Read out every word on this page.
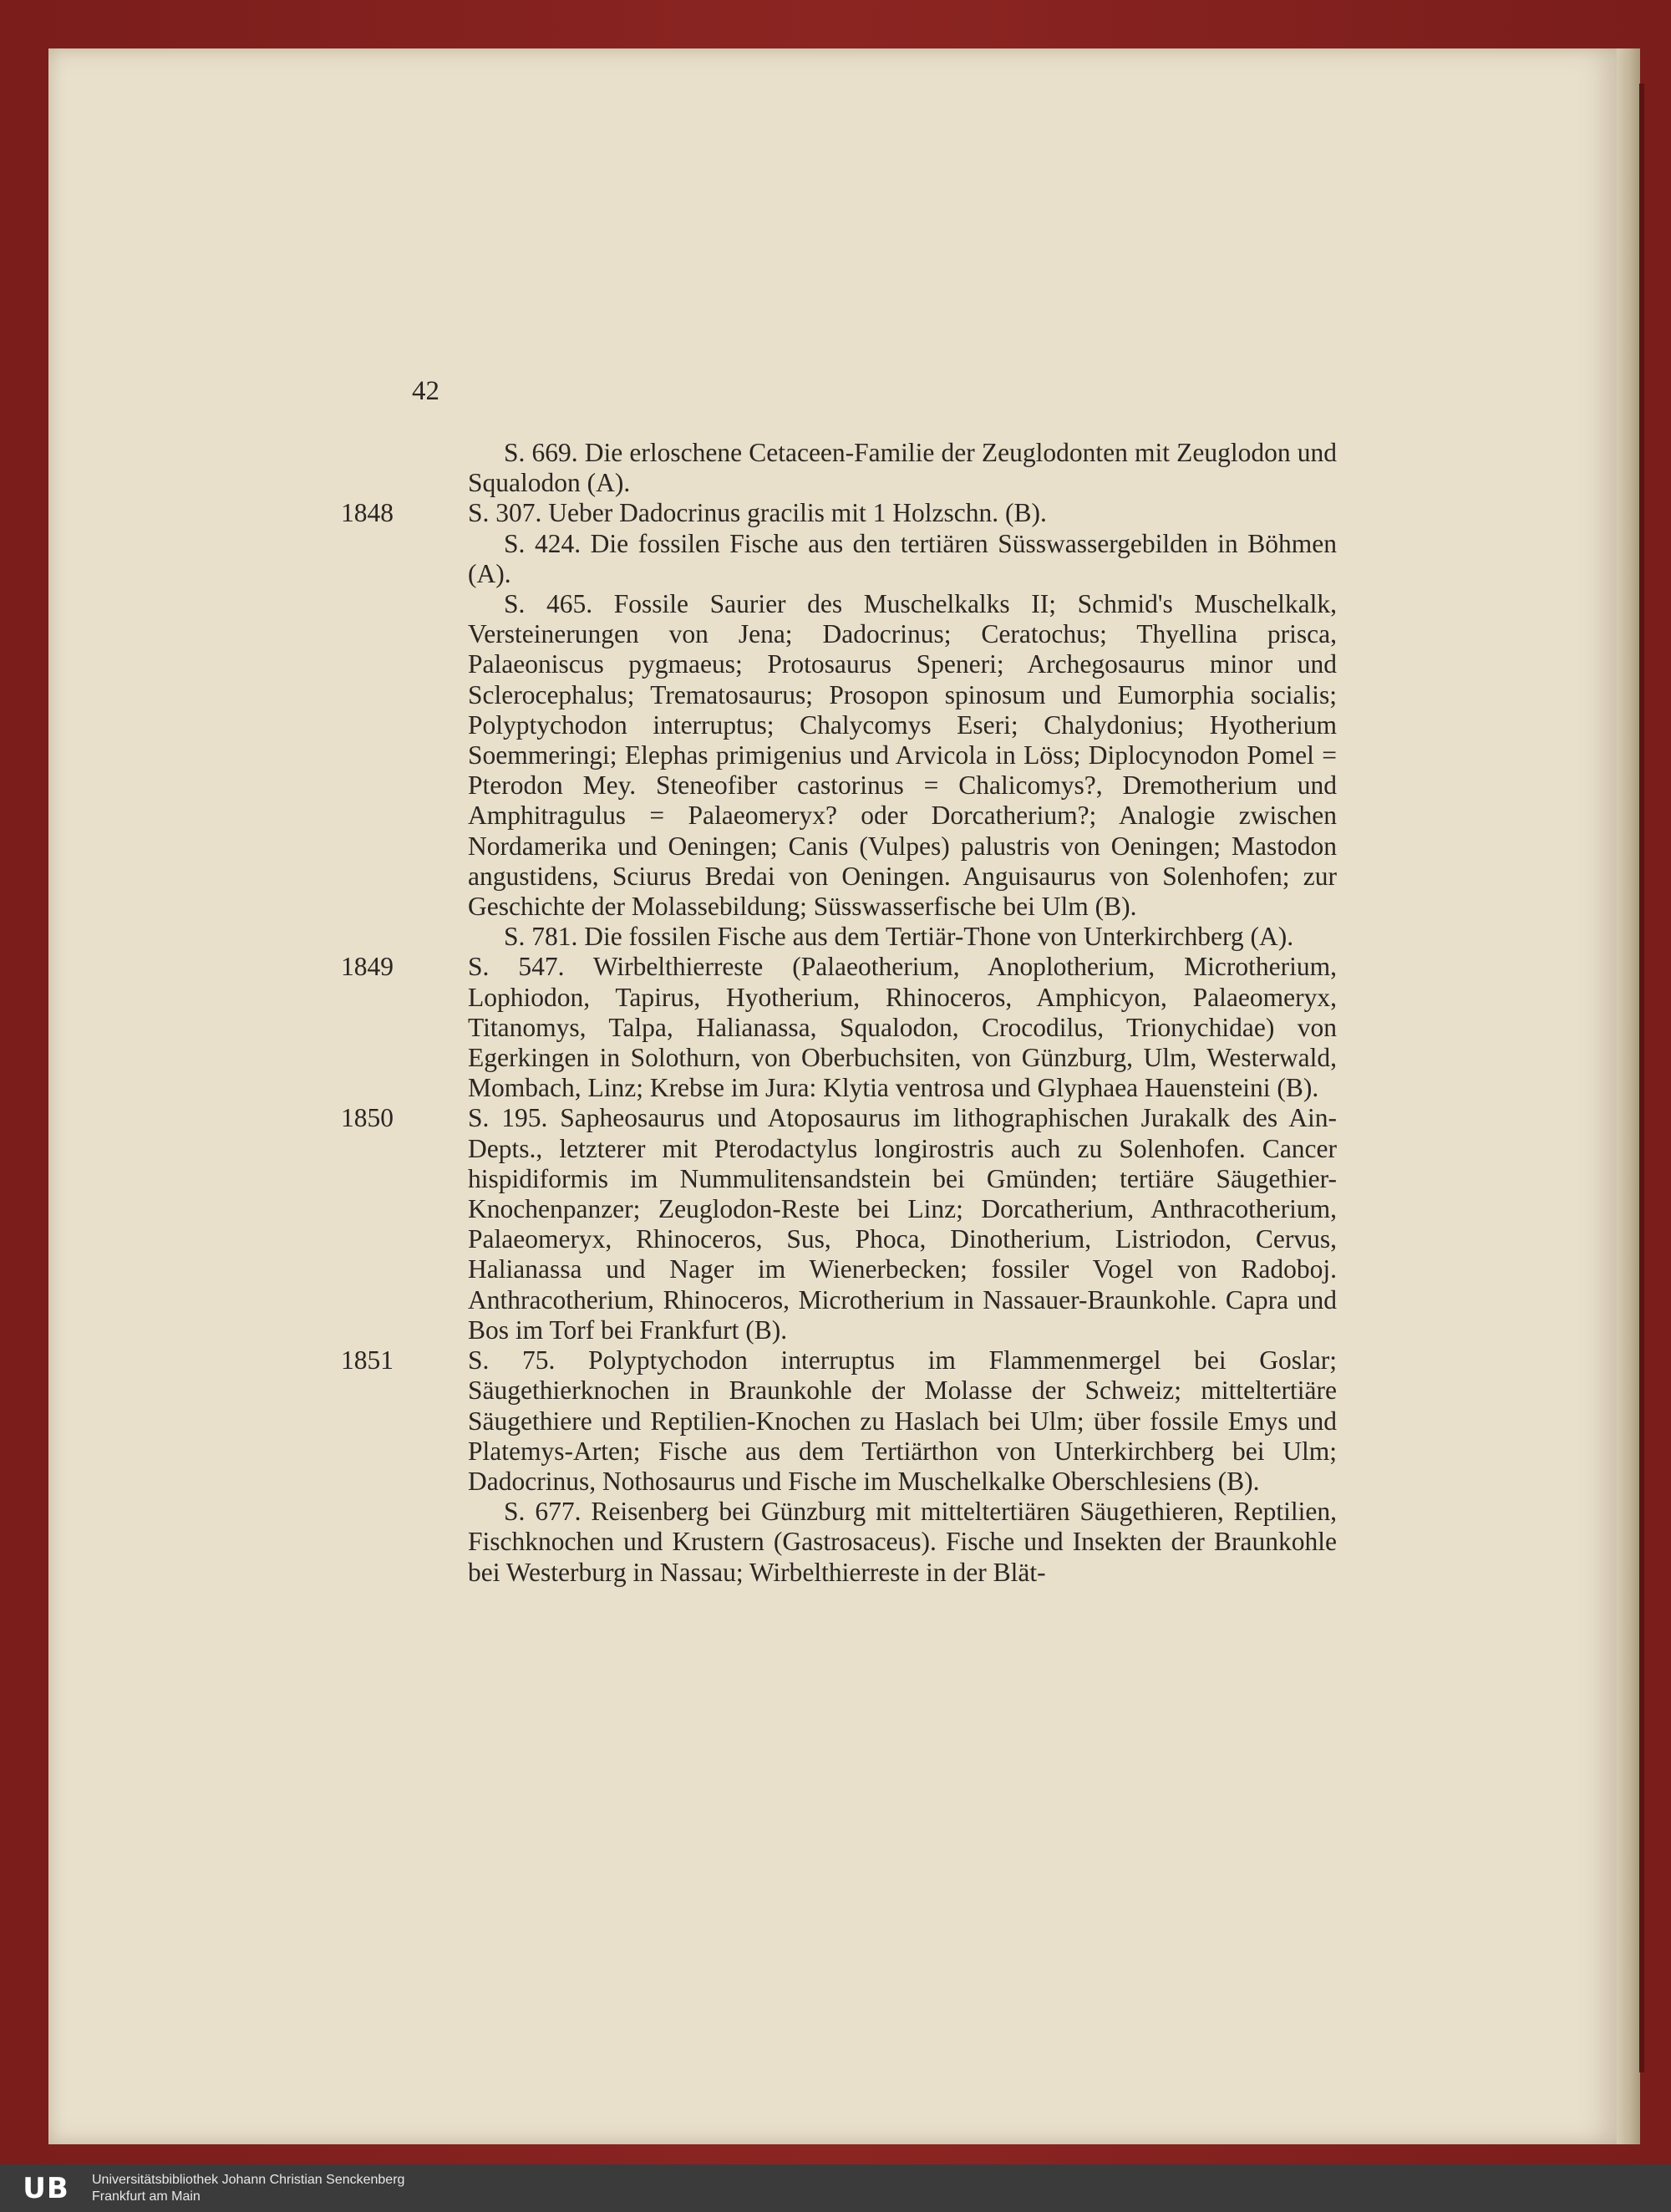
42

S. 669. Die erloschene Cetaceen-Familie der Zeuglodonten mit Zeuglodon und Squalodon (A).

1848	S. 307. Ueber Dadocrinus gracilis mit 1 Holzschn. (B).

S. 424. Die fossilen Fische aus den tertiären Süsswassergebilden in Böhmen (A).

S. 465. Fossile Saurier des Muschelkalks II; Schmid's Muschelkalk, Versteinerungen von Jena; Dadocrinus; Ceratochus; Thyellina prisca, Palaeoniscus pygmaeus; Protosaurus Speneri; Archegosaurus minor und Sclerocephalus; Trematosaurus; Prosopon spinosum und Eumorphia socialis; Polyptychodon interruptus; Chalycomys Eseri; Chalydonius; Hyotherium Soemmeringi; Elephas primigenius und Arvicola in Löss; Diplocynodon Pomel = Pterodon Mey. Steneofiber castorinus = Chalicomys?, Dremotherium und Amphitragulus = Palaeomeryx? oder Dorcatherium?; Analogie zwischen Nordamerika und Oeningen; Canis (Vulpes) palustris von Oeningen; Mastodon angustidens, Sciurus Bredai von Oeningen. Anguisaurus von Solenhofen; zur Geschichte der Molassebildung; Süsswasserfische bei Ulm (B).

S. 781. Die fossilen Fische aus dem Tertiär-Thone von Unterkirchberg (A).

1849	S. 547. Wirbelthierreste (Palaeotherium, Anoplotherium, Microtherium, Lophiodon, Tapirus, Hyotherium, Rhinoceros, Amphicyon, Palaeomeryx, Titanomys, Talpa, Halianassa, Squalodon, Crocodilus, Trionychidae) von Egerkingen in Solothurn, von Oberbuchsiten, von Günzburg, Ulm, Westerwald, Mombach, Linz; Krebse im Jura: Klytia ventrosa und Glyphaea Hauensteini (B).

1850	S. 195. Sapheosaurus und Atoposaurus im lithographischen Jurakalk des Ain-Depts., letzterer mit Pterodactylus longirostris auch zu Solenhofen. Cancer hispidiformis im Nummulitensandstein bei Gmünden; tertiäre Säugethier-Knochenpanzer; Zeuglodon-Reste bei Linz; Dorcatherium, Anthracotherium, Palaeomeryx, Rhinoceros, Sus, Phoca, Dinotherium, Listriodon, Cervus, Halianassa und Nager im Wienerbecken; fossiler Vogel von Radoboj. Anthracotherium, Rhinoceros, Microtherium in Nassauer-Braunkohle. Capra und Bos im Torf bei Frankfurt (B).

1851	S. 75. Polyptychodon interruptus im Flammenmergel bei Goslar; Säugethierknochen in Braunkohle der Molasse der Schweiz; mitteltertiäre Säugethiere und Reptilien-Knochen zu Haslach bei Ulm; über fossile Emys und Platemys-Arten; Fische aus dem Tertiärthon von Unterkirchberg bei Ulm; Dadocrinus, Nothosaurus und Fische im Muschelkalke Oberschlesiens (B).

S. 677. Reisenberg bei Günzburg mit mitteltertiären Säugethieren, Reptilien, Fischknochen und Krustern (Gastrosaceus). Fische und Insekten der Braunkohle bei Westerburg in Nassau; Wirbelthierreste in der Blät-

UB	Universitätsbibliothek Johann Christian Senckenberg
Frankfurt am Main
